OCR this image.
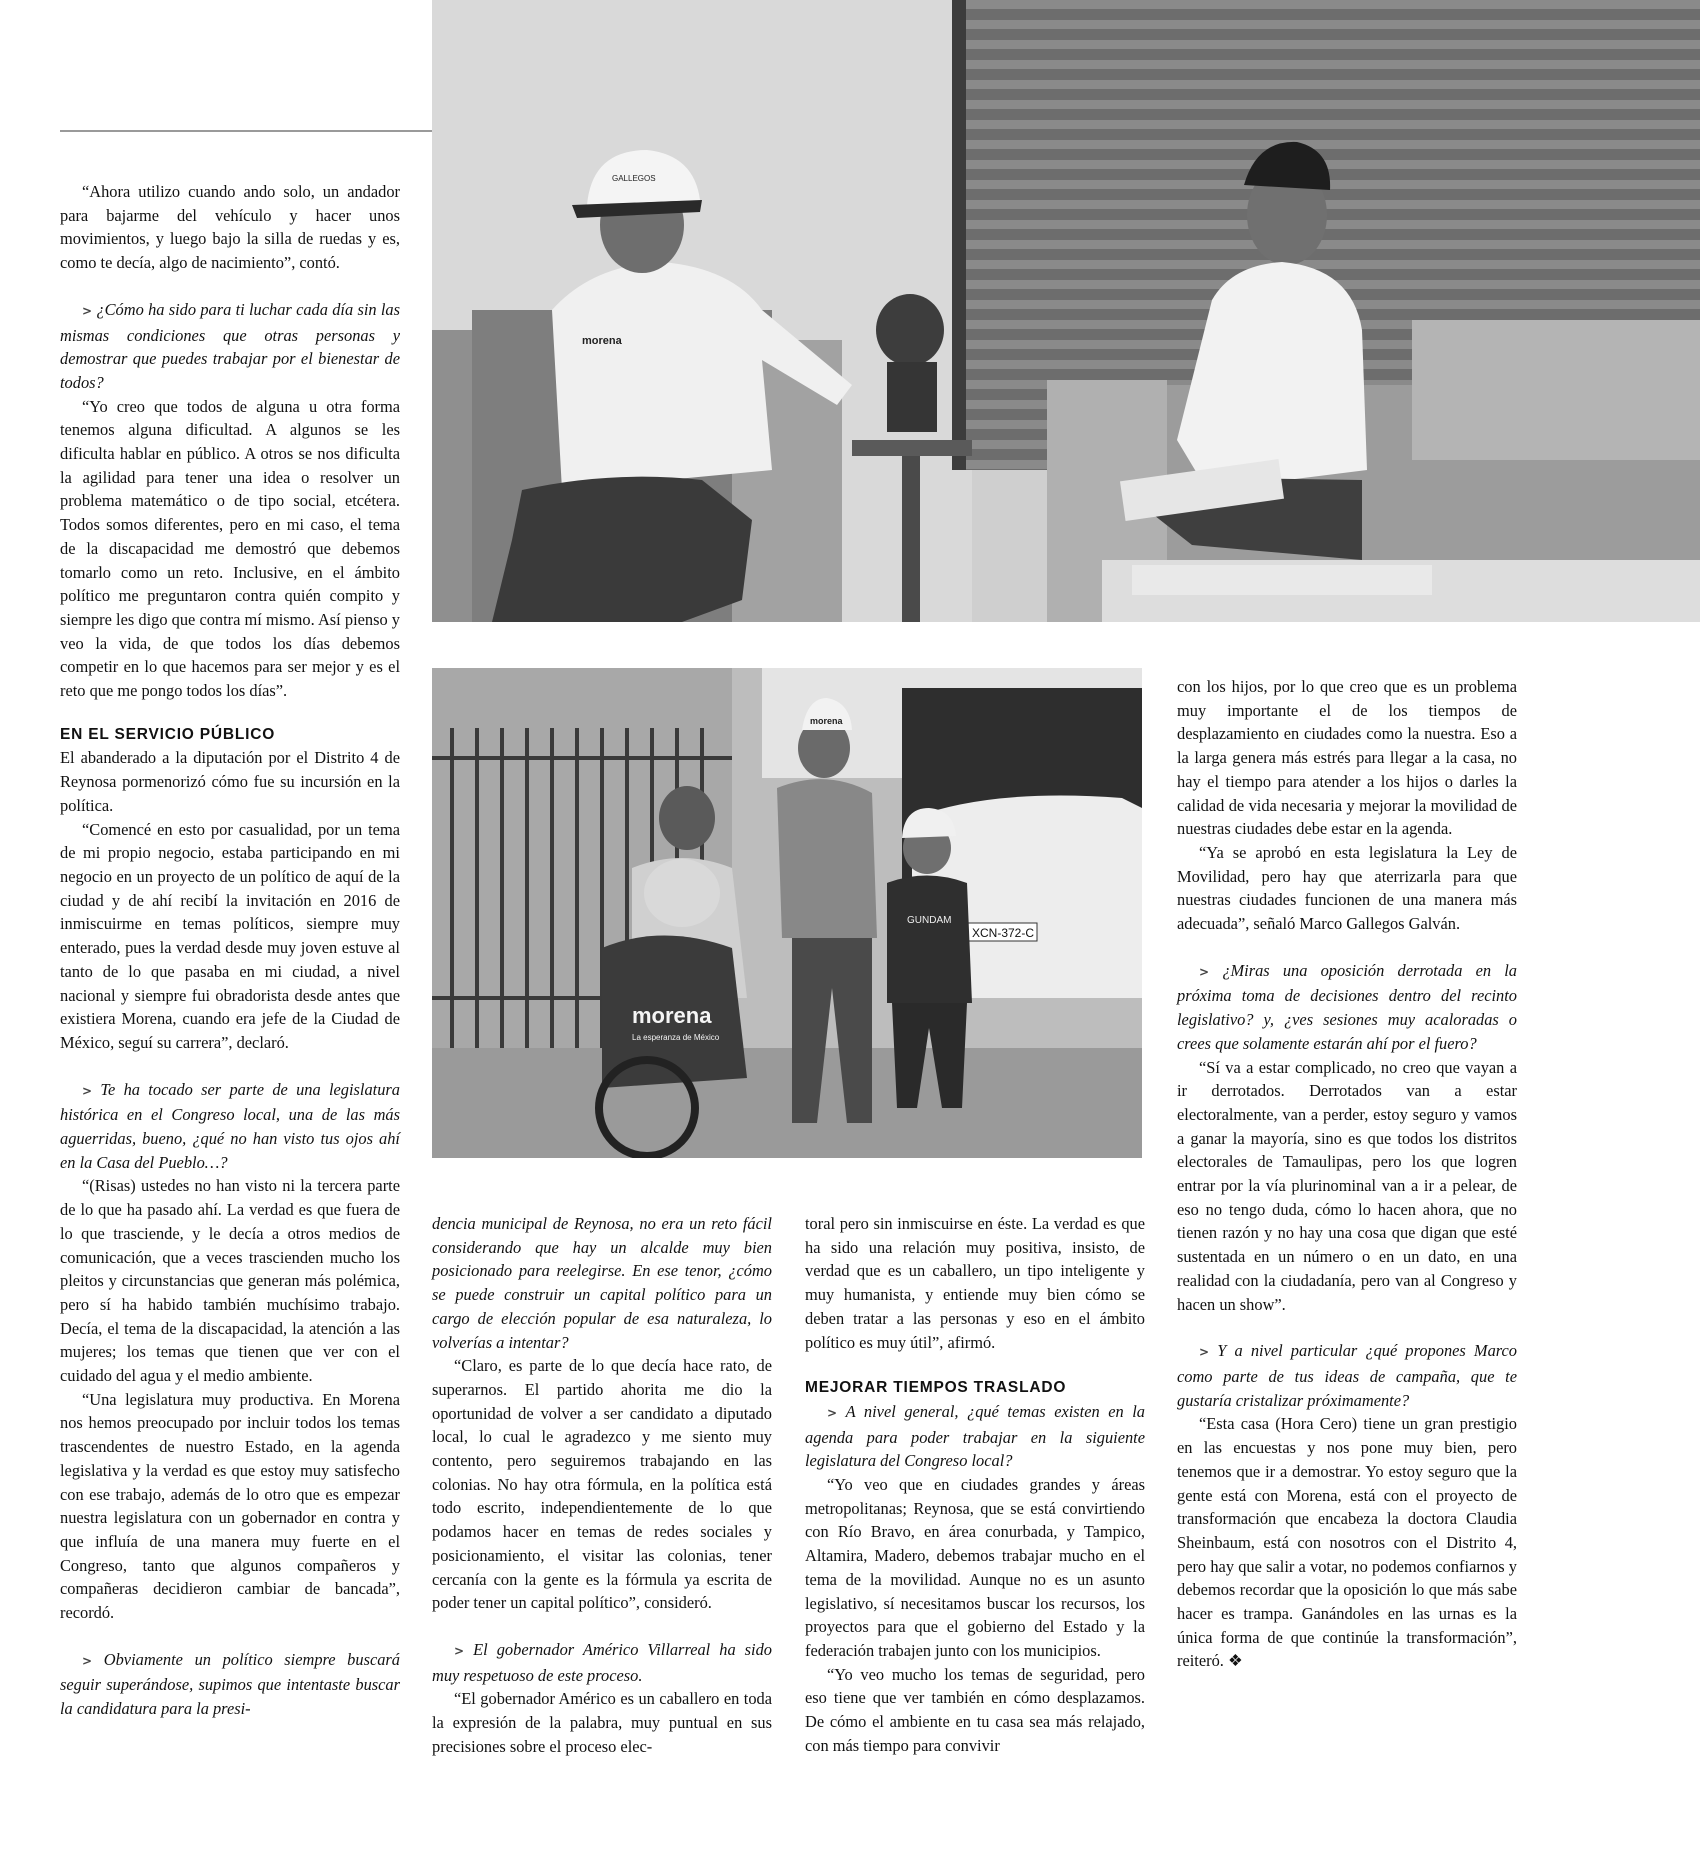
morena
GALLEGOS
XCN-372-C
morena
La esperanza de México
morena
GUNDAM

“Ahora utilizo cuando ando solo, un andador para bajarme del vehículo y hacer unos movimientos, y luego bajo la silla de ruedas y es, como te decía, algo de nacimiento”, contó.

> ¿Cómo ha sido para ti luchar cada día sin las mismas condiciones que otras personas y demostrar que puedes trabajar por el bienestar de todos?

“Yo creo que todos de alguna u otra forma tenemos alguna dificultad. A algunos se les dificulta hablar en público. A otros se nos dificulta la agilidad para tener una idea o resolver un problema matemático o de tipo social, etcétera. Todos somos diferentes, pero en mi caso, el tema de la discapacidad me demostró que debemos tomarlo como un reto. Inclusive, en el ámbito político me preguntaron contra quién compito y siempre les digo que contra mí mismo. Así pienso y veo la vida, de que todos los días debemos competir en lo que hacemos para ser mejor y es el reto que me pongo todos los días”.

EN EL SERVICIO PÚBLICO

El abanderado a la diputación por el Distrito 4 de Reynosa pormenorizó cómo fue su incursión en la política.

“Comencé en esto por casualidad, por un tema de mi propio negocio, estaba participando en mi negocio en un proyecto de un político de aquí de la ciudad y de ahí recibí la invitación en 2016 de inmiscuirme en temas políticos, siempre muy enterado, pues la verdad desde muy joven estuve al tanto de lo que pasaba en mi ciudad, a nivel nacional y siempre fui obradorista desde antes que existiera Morena, cuando era jefe de la Ciudad de México, seguí su carrera”, declaró.

> Te ha tocado ser parte de una legislatura histórica en el Congreso local, una de las más aguerridas, bueno, ¿qué no han visto tus ojos ahí en la Casa del Pueblo…?

“(Risas) ustedes no han visto ni la tercera parte de lo que ha pasado ahí. La verdad es que fuera de lo que trasciende, y le decía a otros medios de comunicación, que a veces trascienden mucho los pleitos y circunstancias que generan más polémica, pero sí ha habido también muchísimo trabajo. Decía, el tema de la discapacidad, la atención a las mujeres; los temas que tienen que ver con el cuidado del agua y el medio ambiente.

“Una legislatura muy productiva. En Morena nos hemos preocupado por incluir todos los temas trascendentes de nuestro Estado, en la agenda legislativa y la verdad es que estoy muy satisfecho con ese trabajo, además de lo otro que es empezar nuestra legislatura con un gobernador en contra y que influía de una manera muy fuerte en el Congreso, tanto que algunos compañeros y compañeras decidieron cambiar de bancada”, recordó.

> Obviamente un político siempre buscará seguir superándose, supimos que intentaste buscar la candidatura para la presi-

dencia municipal de Reynosa, no era un reto fácil considerando que hay un alcalde muy bien posicionado para reelegirse. En ese tenor, ¿cómo se puede construir un capital político para un cargo de elección popular de esa naturaleza, lo volverías a intentar?

“Claro, es parte de lo que decía hace rato, de superarnos. El partido ahorita me dio la oportunidad de volver a ser candidato a diputado local, lo cual le agradezco y me siento muy contento, pero seguiremos trabajando en las colonias. No hay otra fórmula, en la política está todo escrito, independientemente de lo que podamos hacer en temas de redes sociales y posicionamiento, el visitar las colonias, tener cercanía con la gente es la fórmula ya escrita de poder tener un capital político”, consideró.

> El gobernador Américo Villarreal ha sido muy respetuoso de este proceso.

“El gobernador Américo es un caballero en toda la expresión de la palabra, muy puntual en sus precisiones sobre el proceso elec-

toral pero sin inmiscuirse en éste. La verdad es que ha sido una relación muy positiva, insisto, de verdad que es un caballero, un tipo inteligente y muy humanista, y entiende muy bien cómo se deben tratar a las personas y eso en el ámbito político es muy útil”, afirmó.

MEJORAR TIEMPOS TRASLADO

> A nivel general, ¿qué temas existen en la agenda para poder trabajar en la siguiente legislatura del Congreso local?

“Yo veo que en ciudades grandes y áreas metropolitanas; Reynosa, que se está convirtiendo con Río Bravo, en área conurbada, y Tampico, Altamira, Madero, debemos trabajar mucho en el tema de la movilidad. Aunque no es un asunto legislativo, sí necesitamos buscar los recursos, los proyectos para que el gobierno del Estado y la federación trabajen junto con los municipios.

“Yo veo mucho los temas de seguridad, pero eso tiene que ver también en cómo desplazamos. De cómo el ambiente en tu casa sea más relajado, con más tiempo para convivir

con los hijos, por lo que creo que es un problema muy importante el de los tiempos de desplazamiento en ciudades como la nuestra. Eso a la larga genera más estrés para llegar a la casa, no hay el tiempo para atender a los hijos o darles la calidad de vida necesaria y mejorar la movilidad de nuestras ciudades debe estar en la agenda.

“Ya se aprobó en esta legislatura la Ley de Movilidad, pero hay que aterrizarla para que nuestras ciudades funcionen de una manera más adecuada”, señaló Marco Gallegos Galván.

> ¿Miras una oposición derrotada en la próxima toma de decisiones dentro del recinto legislativo? y, ¿ves sesiones muy acaloradas o crees que solamente estarán ahí por el fuero?

“Sí va a estar complicado, no creo que vayan a ir derrotados. Derrotados van a estar electoralmente, van a perder, estoy seguro y vamos a ganar la mayoría, sino es que todos los distritos electorales de Tamaulipas, pero los que logren entrar por la vía plurinominal van a ir a pelear, de eso no tengo duda, cómo lo hacen ahora, que no tienen razón y no hay una cosa que digan que esté sustentada en un número o en un dato, en una realidad con la ciudadanía, pero van al Congreso y hacen un show”.

> Y a nivel particular ¿qué propones Marco como parte de tus ideas de campaña, que te gustaría cristalizar próximamente?

“Esta casa (Hora Cero) tiene un gran prestigio en las encuestas y nos pone muy bien, pero tenemos que ir a demostrar. Yo estoy seguro que la gente está con Morena, está con el proyecto de transformación que encabeza la doctora Claudia Sheinbaum, está con nosotros con el Distrito 4, pero hay que salir a votar, no podemos confiarnos y debemos recordar que la oposición lo que más sabe hacer es trampa. Ganándoles en las urnas es la única forma de que continúe la transformación”, reiteró. ❖
